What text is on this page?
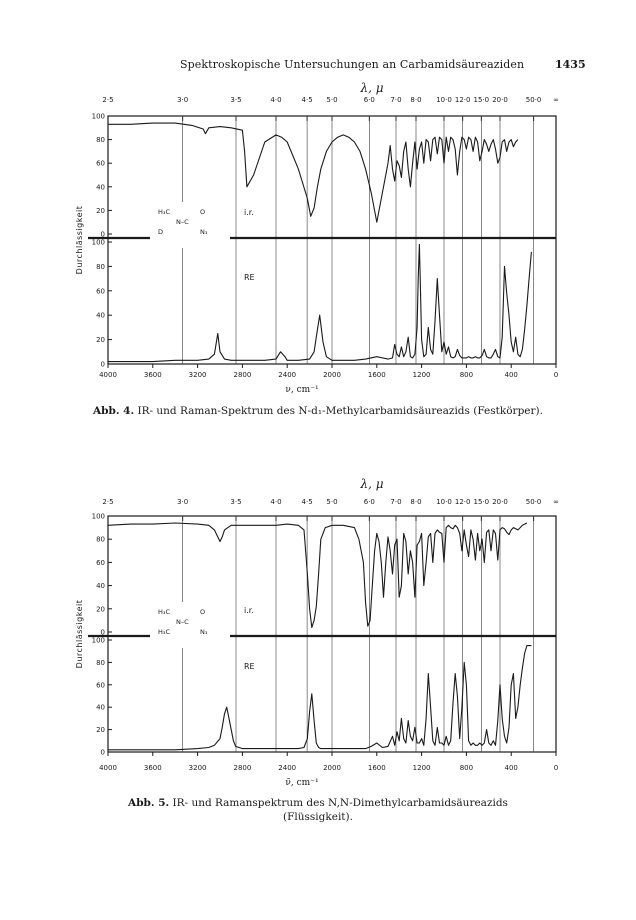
Spektroskopische Untersuchungen an Carbamidsäureaziden	1435
λ, μ
2·5	3·0	3·5	4·0	4·5 5·0	6·0 7·0 8·0 10·0 12·0 15·0 20·0	50·0 ∞
4000	3600	3200	2800	2400	2000	1600	1200	800	400	0
ν, cm⁻¹
100
80
60
40
20
0
100
80
60
40
20
0
Durchlässigkeit	H₃C
N–C
D
O
N₃
i.r.
RE
Abb. 4. IR- und Raman-Spektrum des N-d₁-Methylcarbamidsäureazids (Festkörper).
λ, μ
2·5	3·0	3·5	4·0	4·5 5·0	6·0 7·0 8·0 10·0 12·0 15·0 20·0	50·0 ∞
4000	3600	3200	2800	2400	2000	1600	1200	800	400	0
ν̃, cm⁻¹
100
80
60
40
20
0
100
80
60
40
20
0
Durchlässigkeit	H₃C
N–C
H₃C
O
N₃
i.r.
RE
Abb. 5. IR- und Ramanspektrum des N,N-Dimethylcarbamidsäureazids
(Flüssigkeit).
